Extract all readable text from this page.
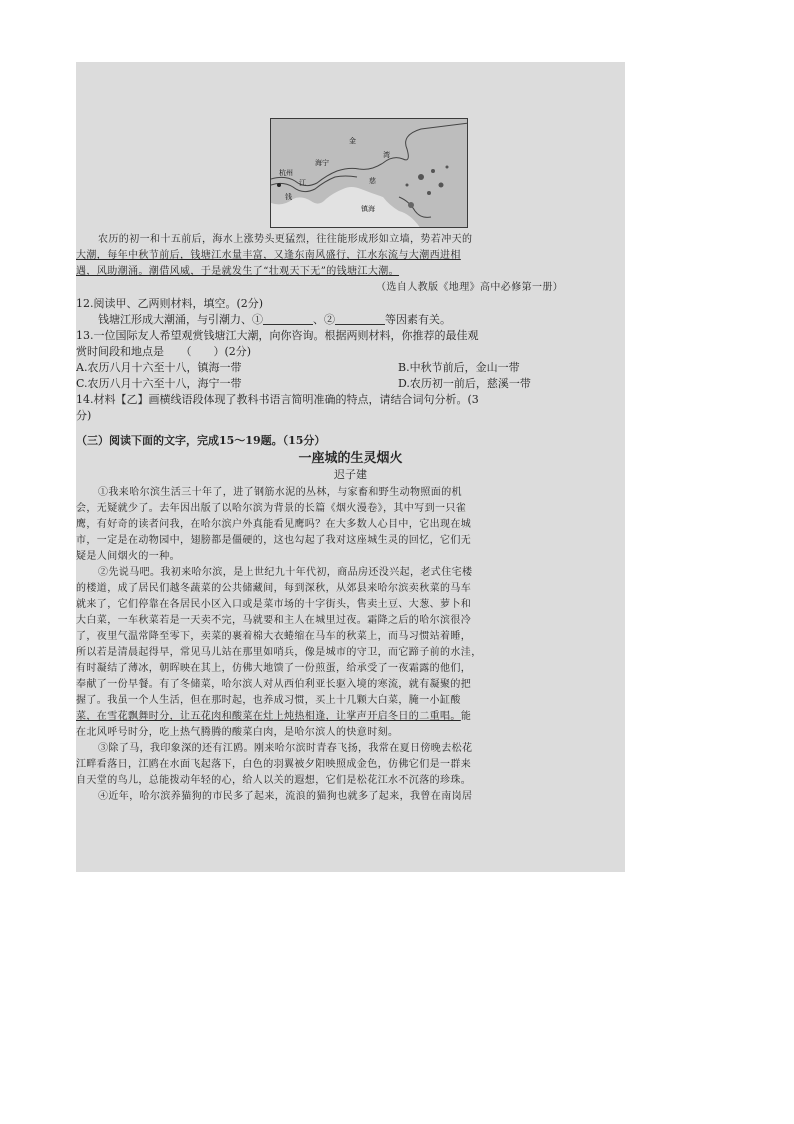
杭州
海宁
江
钱
金
湾
慈
镇海
农历的初一和十五前后，海水上涨势头更猛烈，往往能形成形如立墙，势若冲天的
大潮，每年中秋节前后，钱塘江水量丰富，又逢东南风盛行，江水东流与大潮西进相
遇，风助潮涌。潮借风威，于是就发生了“壮观天下无”的钱塘江大潮。
（选自人教版《地理》高中必修第一册）
12.阅读甲、乙两则材料，填空。(2分)
钱塘江形成大潮涌，与引潮力、①	、②	等因素有关。
13.一位国际友人希望观赏钱塘江大潮，向你咨询。根据两则材料，你推荐的最佳观
赏时间段和地点是　　（　　）(2分)
A.农历八月十六至十八，镇海一带	B.中秋节前后，金山一带
C.农历八月十六至十八，海宁一带	D.农历初一前后，慈溪一带
14.材料【乙】画横线语段体现了教科书语言简明准确的特点，请结合词句分析。(3
分)
（三）阅读下面的文字，完成15～19题。（15分）
一座城的生灵烟火
迟子建
①我来哈尔滨生活三十年了，进了钢筋水泥的丛林，与家畜和野生动物照面的机
会，无疑就少了。去年因出版了以哈尔滨为背景的长篇《烟火漫卷》，其中写到一只雀
鹰，有好奇的读者问我，在哈尔滨户外真能看见鹰吗？在大多数人心目中，它出现在城
市，一定是在动物园中，翅膀都是僵硬的，这也勾起了我对这座城生灵的回忆，它们无
疑是人间烟火的一种。
②先说马吧。我初来哈尔滨，是上世纪九十年代初，商品房还没兴起，老式住宅楼
的楼道，成了居民们越冬蔬菜的公共储藏间，每到深秋，从郊县来哈尔滨卖秋菜的马车
就来了，它们停靠在各居民小区入口或是菜市场的十字街头，售卖土豆、大葱、萝卜和
大白菜，一车秋菜若是一天卖不完，马就要和主人在城里过夜。霜降之后的哈尔滨很冷
了，夜里气温常降至零下，卖菜的裹着棉大衣蜷缩在马车的秋菜上，而马习惯站着睡，
所以若是清晨起得早，常见马儿站在那里如哨兵，像是城市的守卫，而它蹄子前的水洼，
有时凝结了薄冰，朝晖映在其上，仿佛大地馈了一份煎蛋，给承受了一夜霜露的他们，
奉献了一份早餐。有了冬储菜，哈尔滨人对从西伯利亚长驱入境的寒流，就有凝聚的把
握了。我虽一个人生活，但在那时起，也养成习惯，买上十几颗大白菜，腌一小缸酸
菜，在雪花飘舞时分，让五花肉和酸菜在灶上炖热相逢，让掌声开启冬日的二重唱。能
在北风呼号时分，吃上热气腾腾的酸菜白肉，是哈尔滨人的快意时刻。
③除了马，我印象深的还有江鸥。刚来哈尔滨时青春飞扬，我常在夏日傍晚去松花
江畔看落日，江鸥在水面飞起落下，白色的羽翼被夕阳映照成金色，仿佛它们是一群来
自天堂的鸟儿，总能拨动年轻的心，给人以关的遐想，它们是松花江水不沉落的珍珠。
④近年，哈尔滨养猫狗的市民多了起来，流浪的猫狗也就多了起来，我曾在南岗居
